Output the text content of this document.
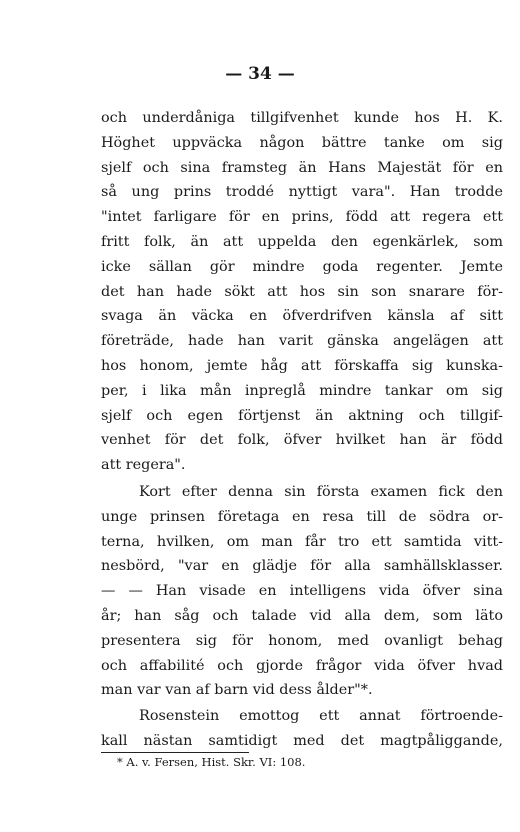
— 34 —
och underdåniga tillgifvenhet kunde hos H. K.
Höghet uppväcka någon bättre tanke om sig
sjelf och sina framsteg än Hans Majestät för en
så ung prins troddé nyttigt vara". Han trodde
"intet farligare för en prins, född att regera ett
fritt folk, än att uppelda den egenkärlek, som
icke sällan gör mindre goda regenter. Jemte
det han hade sökt att hos sin son snarare för-
svaga än väcka en öfverdrifven känsla af sitt
företräde, hade han varit gänska angelägen att
hos honom, jemte håg att förskaffa sig kunska-
per, i lika mån inpreglå mindre tankar om sig
sjelf och egen förtjenst än aktning och tillgif-
venhet för det folk, öfver hvilket han är född
att regera".
Kort efter denna sin första examen fick den
unge prinsen företaga en resa till de södra or-
terna, hvilken, om man får tro ett samtida vitt-
nesbörd, "var en glädje för alla samhällsklasser.
— — Han visade en intelligens vida öfver sina
år; han såg och talade vid alla dem, som läto
presentera sig för honom, med ovanligt behag
och affabilité och gjorde frågor vida öfver hvad
man var van af barn vid dess ålder"*.
Rosenstein emottog ett annat förtroende-
kall nästan samtidigt med det magtpåliggande,
* A. v. Fersen, Hist. Skr. VI: 108.
